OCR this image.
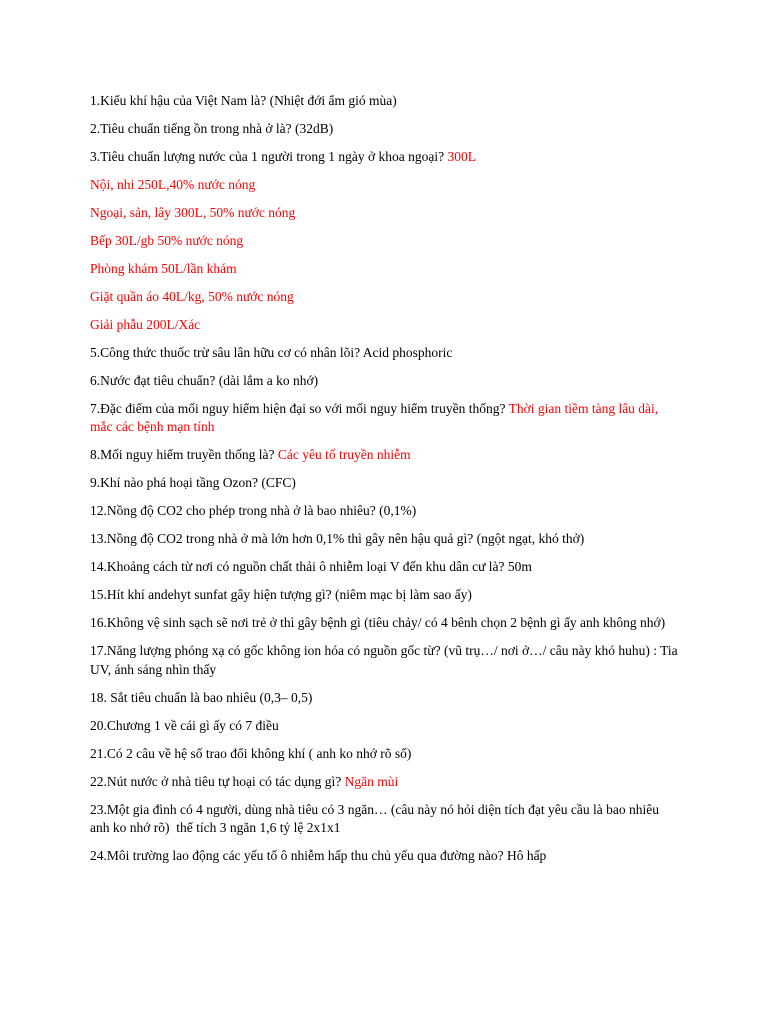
1.Kiểu khí hậu của Việt Nam là? (Nhiệt đới ẩm gió mùa)

2.Tiêu chuẩn tiếng ồn trong nhà ở là? (32dB)

3.Tiêu chuẩn lượng nước của 1 người trong 1 ngày ở khoa ngoại? 300L

Nội, nhi 250L,40% nước nóng

Ngoại, sản, lây 300L, 50% nước nóng

Bếp 30L/gb 50% nước nóng

Phòng khám 50L/lần khám

Giặt quần áo 40L/kg, 50% nước nóng

Giải phẫu 200L/Xác

5.Công thức thuốc trừ sâu lân hữu cơ có nhân lõi? Acid phosphoric

6.Nước đạt tiêu chuẩn? (dài lắm a ko nhớ)

7.Đặc điểm của mối nguy hiểm hiện đại so với mối nguy hiểm truyền thống? Thời gian tiềm tàng lâu dài, mắc các bệnh mạn tính

8.Mối nguy hiểm truyền thống là? Các yêu tố truyền nhiễm

9.Khí nào phá hoại tầng Ozon? (CFC)

12.Nồng độ CO2 cho phép trong nhà ở là bao nhiêu? (0,1%)

13.Nồng độ CO2 trong nhà ở mà lớn hơn 0,1% thì gây nên hậu quả gì? (ngột ngạt, khó thở)

14.Khoảng cách từ nơi có nguồn chất thải ô nhiễm loại V đến khu dân cư là? 50m

15.Hít khí andehyt sunfat gây hiện tượng gì? (niêm mạc bị làm sao ấy)

16.Không vệ sinh sạch sẽ nơi trẻ ở thì gây bệnh gì (tiêu chảy/ có 4 bênh chọn 2 bệnh gì ấy anh không nhớ)

17.Năng lượng phóng xạ có gốc không ion hóa có nguồn gốc từ? (vũ trụ…/ nơi ở…/ câu này khó huhu) : Tia UV, ánh sáng nhìn thấy

18. Sắt tiêu chuẩn là bao nhiêu (0,3– 0,5)

20.Chương 1 về cái gì ấy có 7 điều

21.Có 2 câu về hệ số trao đổi không khí ( anh ko nhớ rõ số)

22.Nút nước ở nhà tiêu tự hoại có tác dụng gì? Ngăn mùi

23.Một gia đình có 4 người, dùng nhà tiêu có 3 ngăn… (câu này nó hỏi diện tích đạt yêu cầu là bao nhiêu anh ko nhớ rõ)  thể tích 3 ngăn 1,6 tỷ lệ 2x1x1

24.Môi trường lao động các yếu tố ô nhiễm hấp thu chủ yếu qua đường nào? Hô hấp
